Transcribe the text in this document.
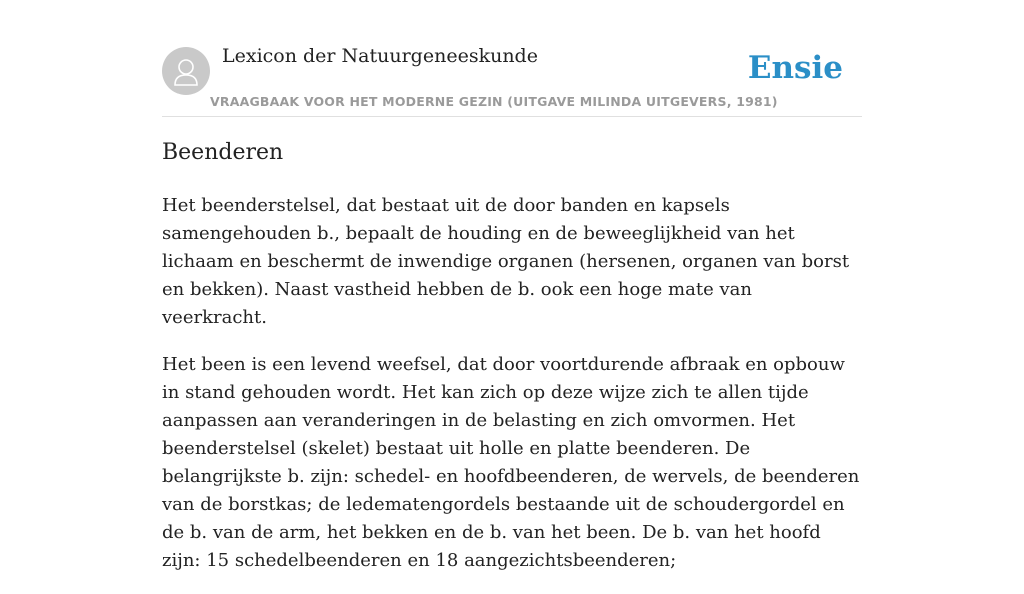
Lexicon der Natuurgeneeskunde
VRAAGBAAK VOOR HET MODERNE GEZIN (UITGAVE MILINDA UITGEVERS, 1981)
Ensie
Beenderen

Het beenderstelsel, dat bestaat uit de door banden en kapsels samengehouden b., bepaalt de houding en de beweeglijkheid van het lichaam en beschermt de inwendige organen (hersenen, organen van borst en bekken). Naast vastheid hebben de b. ook een hoge mate van veerkracht.

Het been is een levend weefsel, dat door voortdurende afbraak en opbouw in stand gehouden wordt. Het kan zich op deze wijze zich te allen tijde aanpassen aan veranderingen in de belasting en zich omvormen. Het beenderstelsel (skelet) bestaat uit holle en platte beenderen. De belangrijkste b. zijn: schedel- en hoofdbeenderen, de wervels, de beenderen van de borstkas; de ledematengordels bestaande uit de schoudergordel en de b. van de arm, het bekken en de b. van het been. De b. van het hoofd zijn: 15 schedelbeenderen en 18 aangezichtsbeenderen;
